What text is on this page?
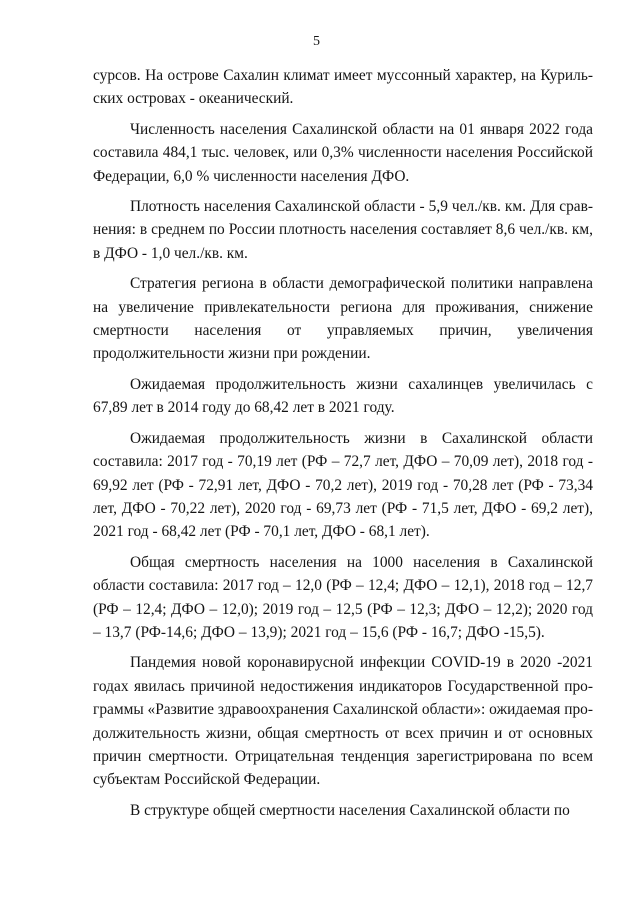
5

сурсов. На острове Сахалин климат имеет муссонный характер, на Курильских островах - океанический.

Численность населения Сахалинской области на 01 января 2022 года составила 484,1 тыс. человек, или 0,3% численности населения Российской Федерации, 6,0 % численности населения ДФО.

Плотность населения Сахалинской области - 5,9 чел./кв. км. Для сравнения: в среднем по России плотность населения составляет 8,6 чел./кв. км, в ДФО - 1,0 чел./кв. км.

Стратегия региона в области демографической политики направлена на увеличение привлекательности региона для проживания, снижение смертности населения от управляемых причин, увеличения продолжительности жизни при рождении.

Ожидаемая продолжительность жизни сахалинцев увеличилась с 67,89 лет в 2014 году до 68,42 лет в 2021 году.

Ожидаемая продолжительность жизни в Сахалинской области составила: 2017 год - 70,19 лет (РФ – 72,7 лет, ДФО – 70,09 лет), 2018 год - 69,92 лет (РФ - 72,91 лет, ДФО - 70,2 лет), 2019 год - 70,28 лет (РФ - 73,34 лет, ДФО - 70,22 лет), 2020 год - 69,73 лет (РФ - 71,5 лет, ДФО - 69,2 лет), 2021 год - 68,42 лет (РФ - 70,1 лет, ДФО - 68,1 лет).

Общая смертность населения на 1000 населения в Сахалинской области составила: 2017 год – 12,0 (РФ – 12,4; ДФО – 12,1), 2018 год – 12,7 (РФ – 12,4; ДФО – 12,0); 2019 год – 12,5 (РФ – 12,3; ДФО – 12,2); 2020 год – 13,7 (РФ-14,6; ДФО – 13,9); 2021 год – 15,6 (РФ - 16,7; ДФО -15,5).

Пандемия новой коронавирусной инфекции COVID-19 в 2020 -2021 годах явилась причиной недостижения индикаторов Государственной программы «Развитие здравоохранения Сахалинской области»: ожидаемая продолжительность жизни, общая смертность от всех причин и от основных причин смертности. Отрицательная тенденция зарегистрирована по всем субъектам Российской Федерации.

В структуре общей смертности населения Сахалинской области по
